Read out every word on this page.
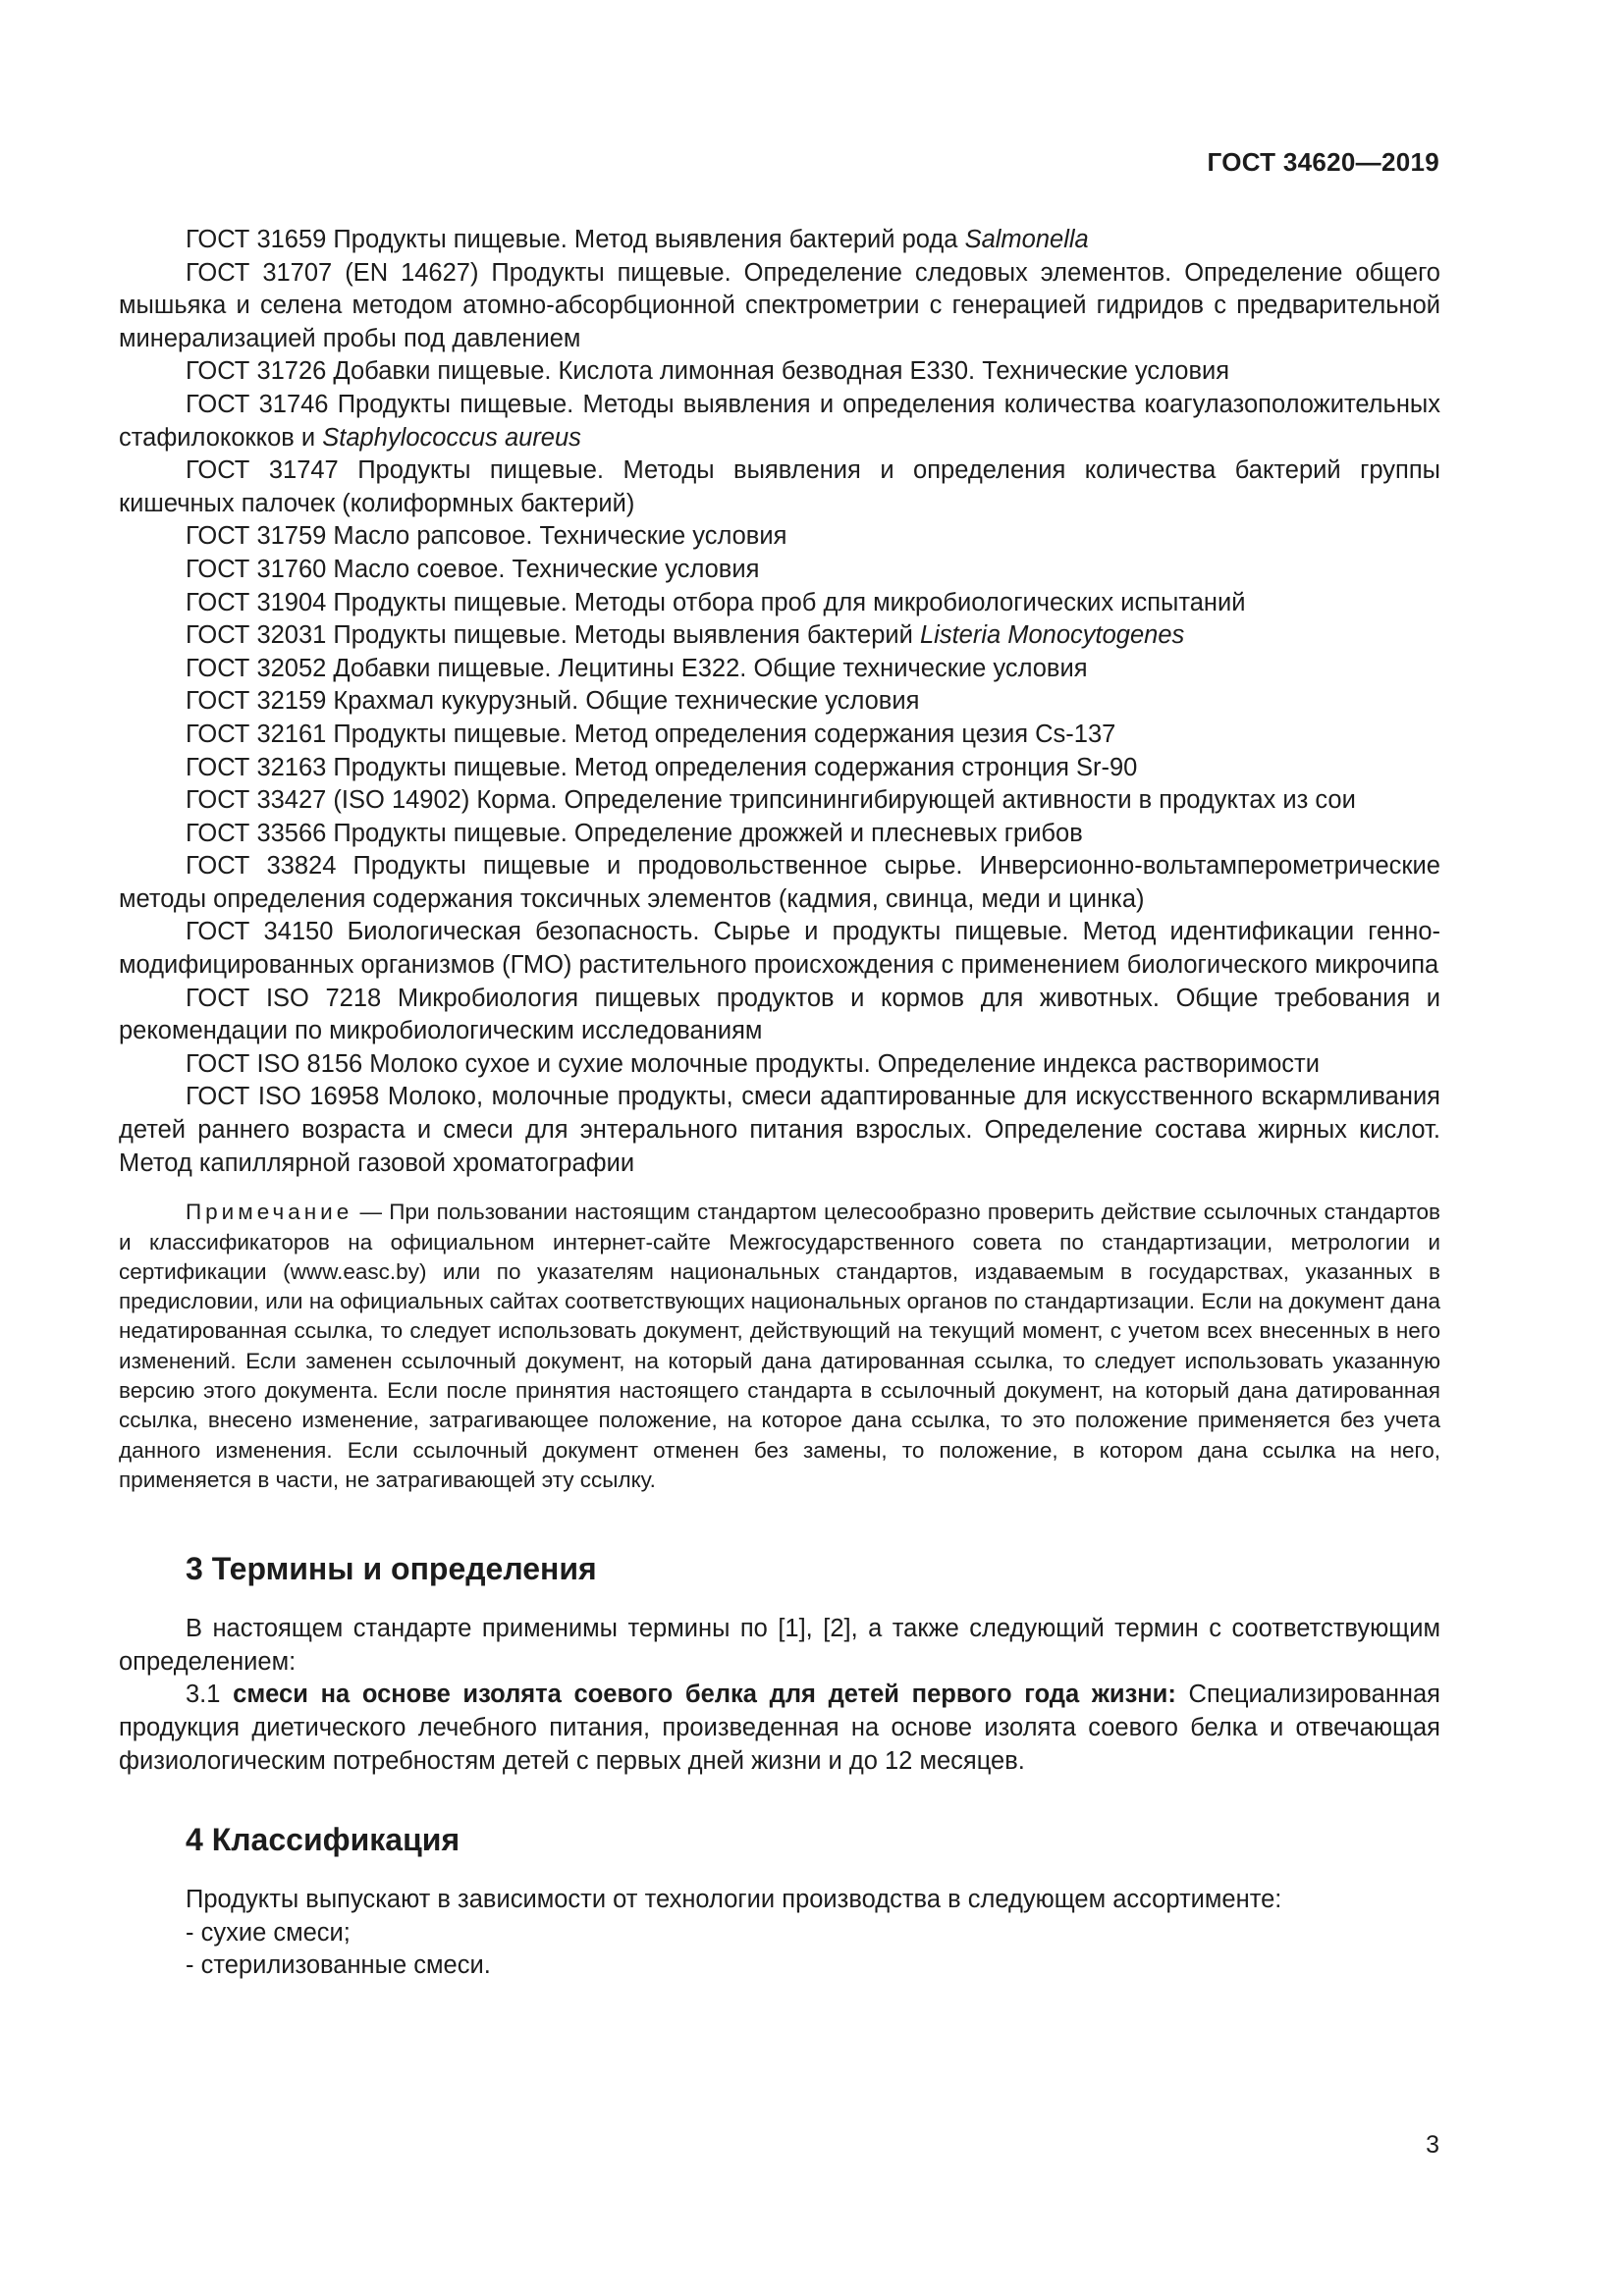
ГОСТ 34620—2019

ГОСТ 31659 Продукты пищевые. Метод выявления бактерий рода Salmonella

ГОСТ 31707 (EN 14627) Продукты пищевые. Определение следовых элементов. Определение общего мышьяка и селена методом атомно-абсорбционной спектрометрии с генерацией гидридов с предварительной минерализацией пробы под давлением

ГОСТ 31726 Добавки пищевые. Кислота лимонная безводная Е330. Технические условия

ГОСТ 31746 Продукты пищевые. Методы выявления и определения количества коагулазоположительных стафилококков и Staphylococcus aureus

ГОСТ 31747 Продукты пищевые. Методы выявления и определения количества бактерий группы кишечных палочек (колиформных бактерий)

ГОСТ 31759 Масло рапсовое. Технические условия

ГОСТ 31760 Масло соевое. Технические условия

ГОСТ 31904 Продукты пищевые. Методы отбора проб для микробиологических испытаний

ГОСТ 32031 Продукты пищевые. Методы выявления бактерий Listeria Monocytogenes

ГОСТ 32052 Добавки пищевые. Лецитины Е322. Общие технические условия

ГОСТ 32159 Крахмал кукурузный. Общие технические условия

ГОСТ 32161 Продукты пищевые. Метод определения содержания цезия Cs-137

ГОСТ 32163 Продукты пищевые. Метод определения содержания стронция Sr-90

ГОСТ 33427 (ISO 14902) Корма. Определение трипсинингибирующей активности в продуктах из сои

ГОСТ 33566 Продукты пищевые. Определение дрожжей и плесневых грибов

ГОСТ 33824 Продукты пищевые и продовольственное сырье. Инверсионно-вольтамперометрические методы определения содержания токсичных элементов (кадмия, свинца, меди и цинка)

ГОСТ 34150 Биологическая безопасность. Сырье и продукты пищевые. Метод идентификации генно-модифицированных организмов (ГМО) растительного происхождения с применением биологического микрочипа

ГОСТ ISO 7218 Микробиология пищевых продуктов и кормов для животных. Общие требования и рекомендации по микробиологическим исследованиям

ГОСТ ISO 8156 Молоко сухое и сухие молочные продукты. Определение индекса растворимости

ГОСТ ISO 16958 Молоко, молочные продукты, смеси адаптированные для искусственного вскармливания детей раннего возраста и смеси для энтерального питания взрослых. Определение состава жирных кислот. Метод капиллярной газовой хроматографии

Примечание — При пользовании настоящим стандартом целесообразно проверить действие ссылочных стандартов и классификаторов на официальном интернет-сайте Межгосударственного совета по стандартизации, метрологии и сертификации (www.easc.by) или по указателям национальных стандартов, издаваемым в государствах, указанных в предисловии, или на официальных сайтах соответствующих национальных органов по стандартизации. Если на документ дана недатированная ссылка, то следует использовать документ, действующий на текущий момент, с учетом всех внесенных в него изменений. Если заменен ссылочный документ, на который дана датированная ссылка, то следует использовать указанную версию этого документа. Если после принятия настоящего стандарта в ссылочный документ, на который дана датированная ссылка, внесено изменение, затрагивающее положение, на которое дана ссылка, то это положение применяется без учета данного изменения. Если ссылочный документ отменен без замены, то положение, в котором дана ссылка на него, применяется в части, не затрагивающей эту ссылку.

3 Термины и определения

В настоящем стандарте применимы термины по [1], [2], а также следующий термин с соответствующим определением:

3.1 смеси на основе изолята соевого белка для детей первого года жизни: Специализированная продукция диетического лечебного питания, произведенная на основе изолята соевого белка и отвечающая физиологическим потребностям детей с первых дней жизни и до 12 месяцев.

4 Классификация

Продукты выпускают в зависимости от технологии производства в следующем ассортименте:

- сухие смеси;

- стерилизованные смеси.

3
